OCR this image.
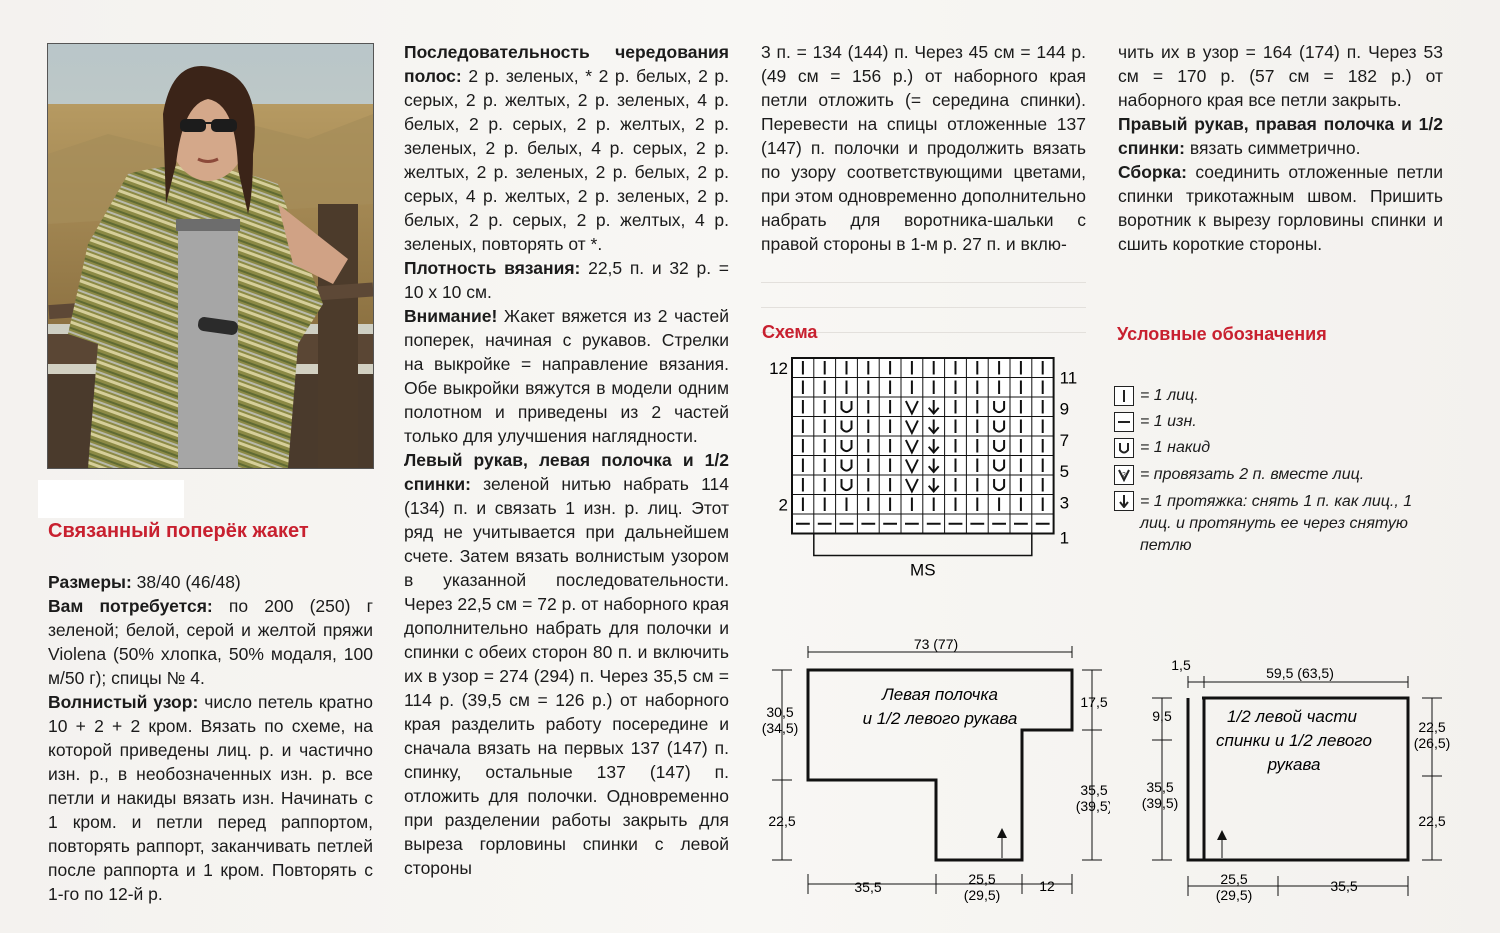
Связанный поперёк жакет

Размеры: 38/40 (46/48)

Вам потребуется: по 200 (250) г зеленой; белой, серой и желтой пряжи Violena (50% хлопка, 50% модаля, 100 м/50 г); спицы № 4.

Волнистый узор: число петель кратно 10 + 2 + 2 кром. Вязать по схеме, на которой приведены лиц. р. и частично изн. р., в необозначенных изн. р. все петли и накиды вязать изн. Начинать с 1 кром. и петли перед раппортом, повторять раппорт, заканчивать петлей после раппорта и 1 кром. Повторять с 1-го по 12-й р.

Последовательность чередования полос: 2 р. зеленых, * 2 р. белых, 2 р. серых, 2 р. желтых, 2 р. зеленых, 4 р. белых, 2 р. серых, 2 р. желтых, 2 р. зеленых, 2 р. белых, 4 р. серых, 2 р. желтых, 2 р. зеленых, 2 р. белых, 2 р. серых, 4 р. желтых, 2 р. зеленых, 2 р. белых, 2 р. серых, 2 р. желтых, 4 р. зеленых, повторять от *.

Плотность вязания: 22,5 п. и 32 р. = 10 х 10 см.

Внимание! Жакет вяжется из 2 частей поперек, начиная с рукавов. Стрелки на выкройке = направление вязания. Обе выкройки вяжутся в модели одним полотном и приведены из 2 частей только для улучшения наглядности.

Левый рукав, левая полочка и 1/2 спинки: зеленой нитью набрать 114 (134) п. и связать 1 изн. р. лиц. Этот ряд не учитывается при дальнейшем счете. Затем вязать волнистым узором в указанной последовательности. Через 22,5 см = 72 р. от наборного края дополнительно набрать для полочки и спинки с обеих сторон 80 п. и включить их в узор = 274 (294) п. Через 35,5 см = 114 р. (39,5 см = 126 р.) от наборного края разделить работу посередине и сначала вязать на первых 137 (147) п. спинку, остальные 137 (147) п. отложить для полочки. Одновременно при разделении работы закрыть для выреза горловины спинки с левой стороны

3 п. = 134 (144) п. Через 45 см = 144 р. (49 см = 156 р.) от наборного края петли отложить (= середина спинки). Перевести на спицы отложенные 137 (147) п. полочки и продолжить вязать по узору соответствующими цветами, при этом одновременно дополнительно набрать для воротника-шальки с правой стороны в 1-м р. 27 п. и вклю-

Схема
MS
12
2
11
9
7
5
3
1

чить их в узор = 164 (174) п. Через 53 см = 170 р. (57 см = 182 р.) от наборного края все петли закрыть.

Правый рукав, правая полочка и 1/2 спинки: вязать симметрично.

Сборка: соединить отложенные петли спинки трикотажным швом. Пришить воротник к вырезу горловины спинки и сшить короткие стороны.

Условные обозначения
= 1 лиц.
= 1 изн.
= 1 накид
2 = провязать 2 п. вместе лиц.
= 1 протяжка: снять 1 п. как лиц., 1 лиц. и протянуть ее через снятую петлю
73 (77)
Левая полочка
и 1/2 левого рукава
30,5
(34,5)
22,5
17,5
35,5
(39,5)
35,5	25,5
(29,5)
12
1,5	59,5 (63,5)
1/2 левой части
спинки и 1/2 левого
рукава
9,5
35,5
(39,5)
22,5
(26,5)
22,5
25,5
(29,5)
35,5
